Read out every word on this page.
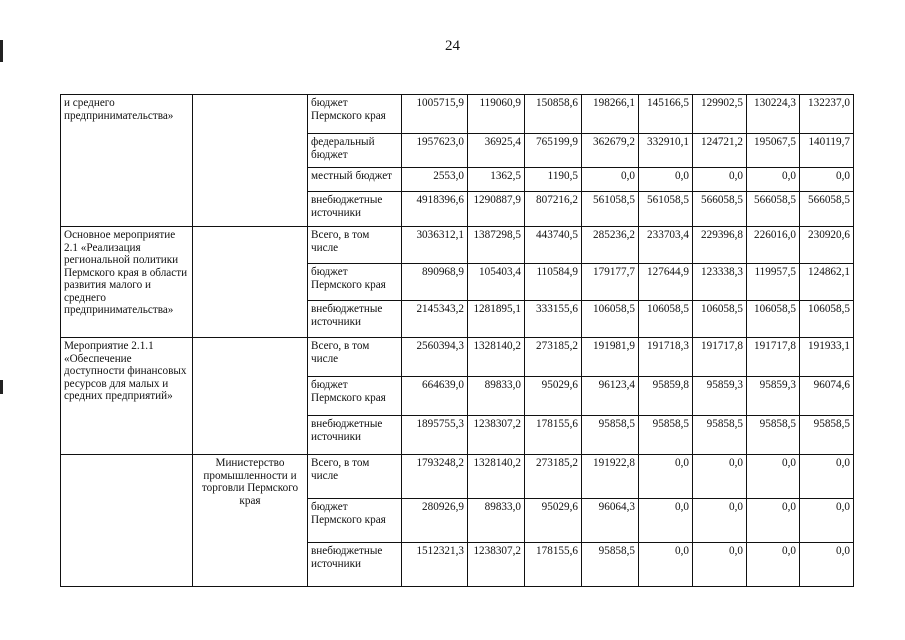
24
и среднего предпринимательства»		бюджет Пермского края	1005715,9	119060,9	150858,6	198266,1	145166,5	129902,5	130224,3	132237,0
		федеральный бюджет	1957623,0	36925,4	765199,9	362679,2	332910,1	124721,2	195067,5	140119,7
		местный бюджет	2553,0	1362,5	1190,5	0,0	0,0	0,0	0,0	0,0
		внебюджетные источники	4918396,6	1290887,9	807216,2	561058,5	561058,5	566058,5	566058,5	566058,5
Основное мероприятие 2.1 «Реализация региональной политики Пермского края в области развития малого и среднего предпринимательства»		Всего, в том числе	3036312,1	1387298,5	443740,5	285236,2	233703,4	229396,8	226016,0	230920,6
		бюджет Пермского края	890968,9	105403,4	110584,9	179177,7	127644,9	123338,3	119957,5	124862,1
		внебюджетные источники	2145343,2	1281895,1	333155,6	106058,5	106058,5	106058,5	106058,5	106058,5
Мероприятие 2.1.1 «Обеспечение доступности финансовых ресурсов для малых и средних предприятий»		Всего, в том числе	2560394,3	1328140,2	273185,2	191981,9	191718,3	191717,8	191717,8	191933,1
		бюджет Пермского края	664639,0	89833,0	95029,6	96123,4	95859,8	95859,3	95859,3	96074,6
		внебюджетные источники	1895755,3	1238307,2	178155,6	95858,5	95858,5	95858,5	95858,5	95858,5
	Министерство промышленности и торговли Пермского края	Всего, в том числе	1793248,2	1328140,2	273185,2	191922,8	0,0	0,0	0,0	0,0
		бюджет Пермского края	280926,9	89833,0	95029,6	96064,3	0,0	0,0	0,0	0,0
		внебюджетные источники	1512321,3	1238307,2	178155,6	95858,5	0,0	0,0	0,0	0,0
